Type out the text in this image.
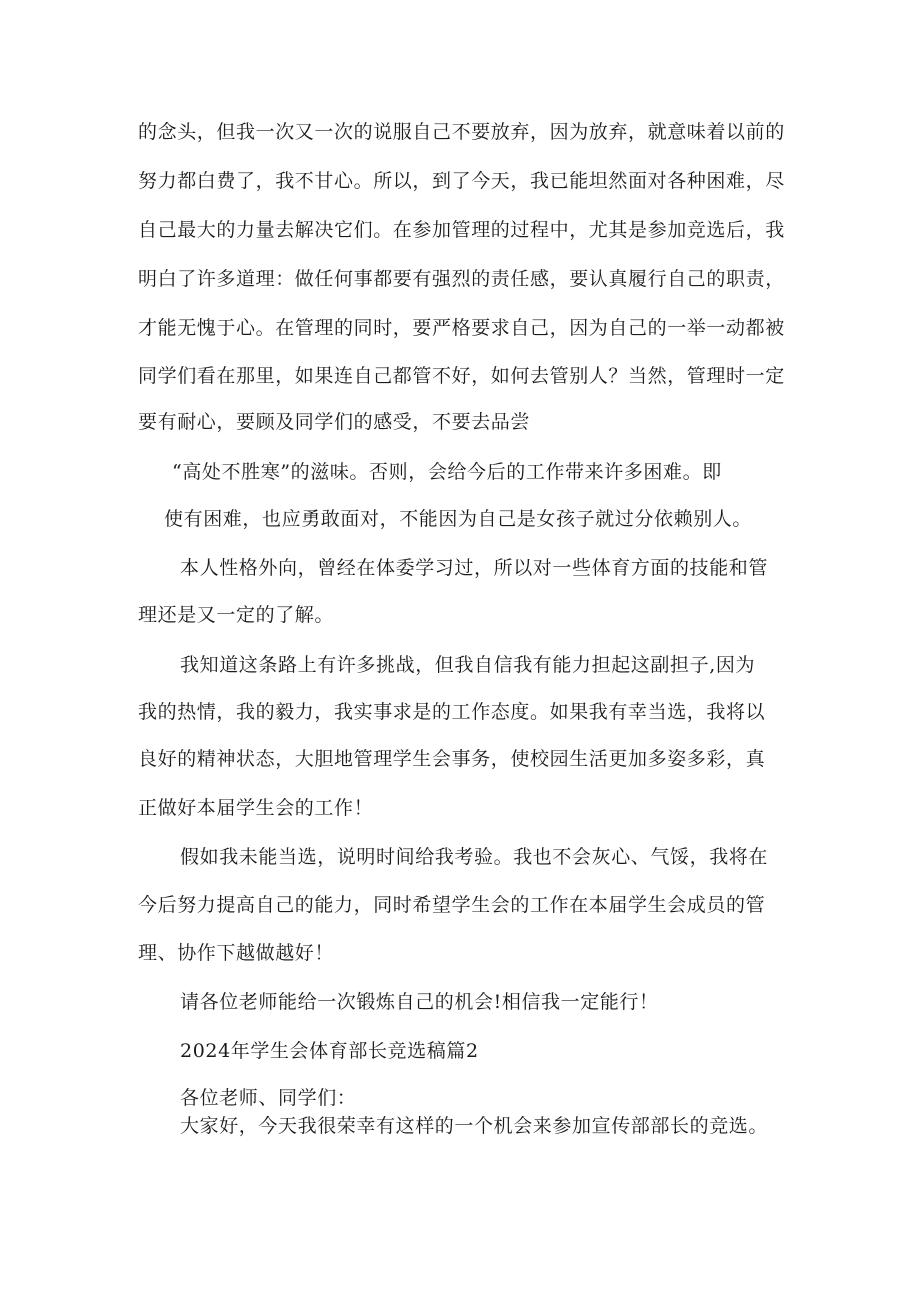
的念头，但我一次又一次的说服自己不要放弃，因为放弃，就意味着以前的
努力都白费了，我不甘心。所以，到了今天，我已能坦然面对各种困难，尽
自己最大的力量去解决它们。在参加管理的过程中，尤其是参加竞选后，我
明白了许多道理：做任何事都要有强烈的责任感，要认真履行自己的职责，
才能无愧于心。在管理的同时，要严格要求自己，因为自己的一举一动都被
同学们看在那里，如果连自己都管不好，如何去管别人？当然，管理时一定
要有耐心，要顾及同学们的感受，不要去品尝
“高处不胜寒”的滋味。否则，会给今后的工作带来许多困难。即
使有困难，也应勇敢面对，不能因为自己是女孩子就过分依赖别人。
本人性格外向，曾经在体委学习过，所以对一些体育方面的技能和管
理还是又一定的了解。
我知道这条路上有许多挑战，但我自信我有能力担起这副担子,因为
我的热情，我的毅力，我实事求是的工作态度。如果我有幸当选，我将以
良好的精神状态，大胆地管理学生会事务，使校园生活更加多姿多彩，真
正做好本届学生会的工作！
假如我未能当选，说明时间给我考验。我也不会灰心、气馁，我将在
今后努力提高自己的能力，同时希望学生会的工作在本届学生会成员的管
理、协作下越做越好！
请各位老师能给一次锻炼自己的机会!相信我一定能行！
2024年学生会体育部长竞选稿篇2
各位老师、同学们：
大家好，今天我很荣幸有这样的一个机会来参加宣传部部长的竞选。
